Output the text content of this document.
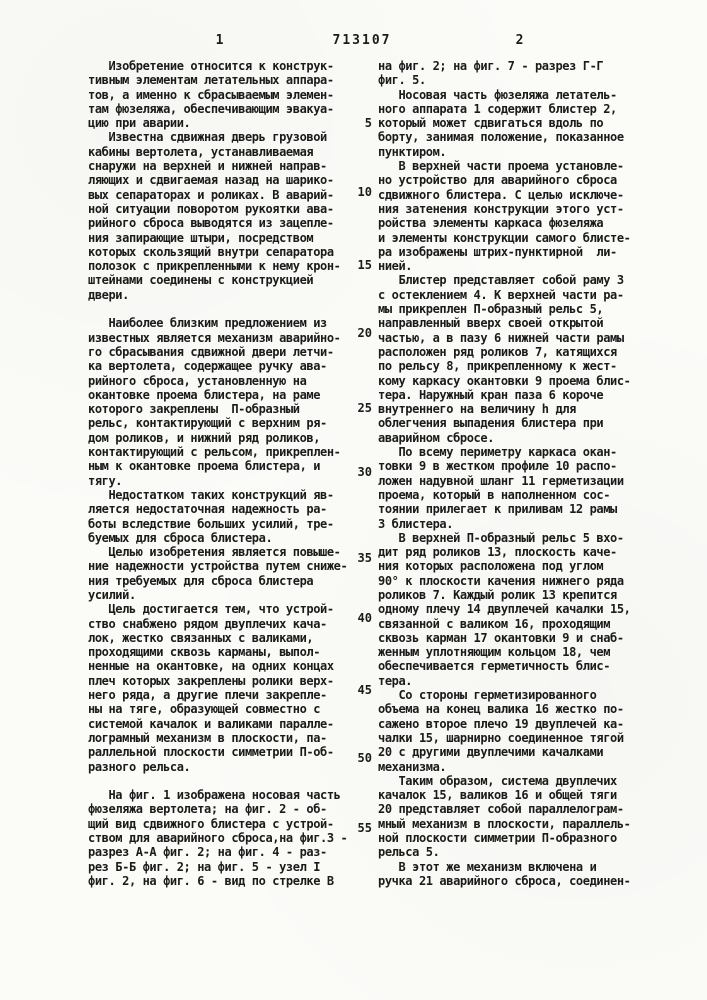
1	713107	2
Изобретение относится к конструк-
тивным элементам летательных аппара-
тов, а именно к сбрасываемым элемен-
там фюзеляжа, обеспечивающим эвакуа-
цию при аварии.
Известна сдвижная дверь грузовой
кабины вертолета, устанавливаемая
снаружи на верхней и нижней направ-
ляющих и сдвигаемая назад на шарико-
вых сепараторах и роликах. В аварий-
ной ситуации поворотом рукоятки ава-
рийного сброса выводятся из зацепле-
ния запирающие штыри, посредством
которых скользящий внутри сепаратора
полозок с прикрепленными к нему крон-
штейнами соединены с конструкцией
двери.

Наиболее близким предложением из
известных является механизм аварийно-
го сбрасывания сдвижной двери летчи-
ка вертолета, содержащее ручку ава-
рийного сброса, установленную на
окантовке проема блистера, на раме
которого закреплены  П-образный
рельс, контактирующий с верхним ря-
дом роликов, и нижний ряд роликов,
контактирующий с рельсом, прикреплен-
ным к окантовке проема блистера, и
тягу.
Недостатком таких конструкций яв-
ляется недостаточная надежность ра-
боты вследствие больших усилий, тре-
буемых для сброса блистера.
Целью изобретения является повыше-
ние надежности устройства путем сниже-
ния требуемых для сброса блистера
усилий.
Цель достигается тем, что устрой-
ство снабжено рядом двуплечих кача-
лок, жестко связанных с валиками,
проходящими сквозь карманы, выпол-
ненные на окантовке, на одних концах
плеч которых закреплены ролики верх-
него ряда, а другие плечи закрепле-
ны на тяге, образующей совместно с
системой качалок и валиками паралле-
лограмный механизм в плоскости, па-
раллельной плоскости симметрии П-об-
разного рельса.

На фиг. 1 изображена носовая часть
фюзеляжа вертолета; на фиг. 2 - об-
щий вид сдвижного блистера с устрой-
ством для аварийного сброса,на фиг.3 -
разрез А-А фиг. 2; на фиг. 4 - раз-
рез Б-Б фиг. 2; на фиг. 5 - узел I
фиг. 2, на фиг. 6 - вид по стрелке В
на фиг. 2; на фиг. 7 - разрез Г-Г
фиг. 5.
Носовая часть фюзеляжа летатель-
ного аппарата 1 содержит блистер 2,
который может сдвигаться вдоль по
борту, занимая положение, показанное
пунктиром.
В верхней части проема установле-
но устройство для аварийного сброса
сдвижного блистера. С целью исключе-
ния затенения конструкции этого уст-
ройства элементы каркаса фюзеляжа
и элементы конструкции самого блисте-
ра изображены штрих-пунктирной  ли-
нией.
Блистер представляет собой раму 3
с остеклением 4. К верхней части ра-
мы прикреплен П-образный рельс 5,
направленный вверх своей открытой
частью, а в пазу 6 нижней части рамы
расположен ряд роликов 7, катящихся
по рельсу 8, прикрепленному к жест-
кому каркасу окантовки 9 проема блис-
тера. Наружный кран паза 6 короче
внутреннего на величину h для
облегчения выпадения блистера при
аварийном сбросе.
По всему периметру каркаса окан-
товки 9 в жестком профиле 10 распо-
ложен надувной шланг 11 герметизации
проема, который в наполненном сос-
тоянии прилегает к приливам 12 рамы
3 блистера.
В верхней П-образный рельс 5 вхо-
дит ряд роликов 13, плоскость каче-
ния которых расположена под углом
90° к плоскости качения нижнего ряда
роликов 7. Каждый ролик 13 крепится
одному плечу 14 двуплечей качалки 15,
связанной с валиком 16, проходящим
сквозь карман 17 окантовки 9 и снаб-
женным уплотняющим кольцом 18, чем
обеспечивается герметичность блис-
тера.
Со стороны герметизированного
объема на конец валика 16 жестко по-
сажено второе плечо 19 двуплечей ка-
чалки 15, шарнирно соединенное тягой
20 с другими двуплечими качалками
механизма.
Таким образом, система двуплечих
качалок 15, валиков 16 и общей тяги
20 представляет собой параллелограм-
мный механизм в плоскости, параллель-
ной плоскости симметрии П-образного
рельса 5.
В этот же механизм включена и
ручка 21 аварийного сброса, соединен-
5
10
15
20
25
30
35
40
45
50
55
